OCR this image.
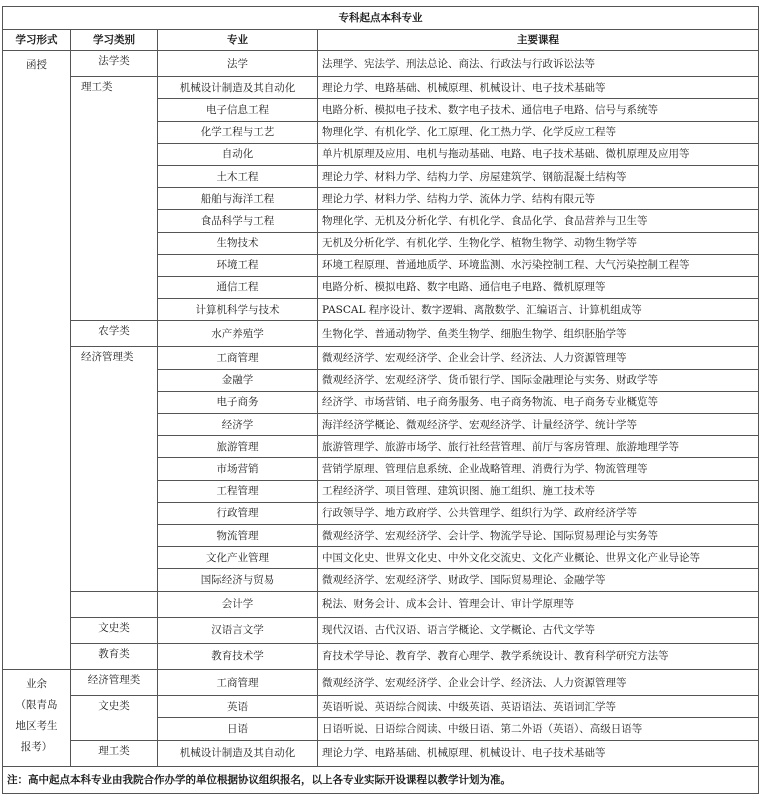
专科起点本科专业			
学习形式	学习类别	专业	主要课程
函授	法学类	法学	法理学、宪法学、刑法总论、商法、行政法与行政诉讼法等
	理工类	机械设计制造及其自动化	理论力学、电路基础、机械原理、机械设计、电子技术基础等
		电子信息工程	电路分析、模拟电子技术、数字电子技术、通信电子电路、信号与系统等
		化学工程与工艺	物理化学、有机化学、化工原理、化工热力学、化学反应工程等
		自动化	单片机原理及应用、电机与拖动基础、电路、电子技术基础、微机原理及应用等
		土木工程	理论力学、材料力学、结构力学、房屋建筑学、钢筋混凝土结构等
		船舶与海洋工程	理论力学、材料力学、结构力学、流体力学、结构有限元等
		食品科学与工程	物理化学、无机及分析化学、有机化学、食品化学、食品营养与卫生等
		生物技术	无机及分析化学、有机化学、生物化学、植物生物学、动物生物学等
		环境工程	环境工程原理、普通地质学、环境监测、水污染控制工程、大气污染控制工程等
		通信工程	电路分析、模拟电路、数字电路、通信电子电路、微机原理等
		计算机科学与技术	PASCAL 程序设计、数字逻辑、离散数学、汇编语言、计算机组成等
	农学类	水产养殖学	生物化学、普通动物学、鱼类生物学、细胞生物学、组织胚胎学等
	经济管理类	工商管理	微观经济学、宏观经济学、企业会计学、经济法、人力资源管理等
		金融学	微观经济学、宏观经济学、货币银行学、国际金融理论与实务、财政学等
		电子商务	经济学、市场营销、电子商务服务、电子商务物流、电子商务专业概览等
		经济学	海洋经济学概论、微观经济学、宏观经济学、计量经济学、统计学等
		旅游管理	旅游管理学、旅游市场学、旅行社经营管理、前厅与客房管理、旅游地理学等
		市场营销	营销学原理、管理信息系统、企业战略管理、消费行为学、物流管理等
		工程管理	工程经济学、项目管理、建筑识图、施工组织、施工技术等
		行政管理	行政领导学、地方政府学、公共管理学、组织行为学、政府经济学等
		物流管理	微观经济学、宏观经济学、会计学、物流学导论、国际贸易理论与实务等
		文化产业管理	中国文化史、世界文化史、中外文化交流史、文化产业概论、世界文化产业导论等
		国际经济与贸易	微观经济学、宏观经济学、财政学、国际贸易理论、金融学等
		会计学	税法、财务会计、成本会计、管理会计、审计学原理等
	文史类	汉语言文学	现代汉语、古代汉语、语言学概论、文学概论、古代文学等
	教育类	教育技术学	育技术学导论、教育学、教育心理学、教学系统设计、教育科学研究方法等

业余
（限青岛
地区考生
报考）	经济管理类	工商管理	微观经济学、宏观经济学、企业会计学、经济法、人力资源管理等
	文史类	英语	英语听说、英语综合阅读、中级英语、英语语法、英语词汇学等
		日语	日语听说、日语综合阅读、中级日语、第二外语（英语）、高级日语等
	理工类	机械设计制造及其自动化	理论力学、电路基础、机械原理、机械设计、电子技术基础等
注：高中起点本科专业由我院合作办学的单位根据协议组织报名，以上各专业实际开设课程以教学计划为准。			
